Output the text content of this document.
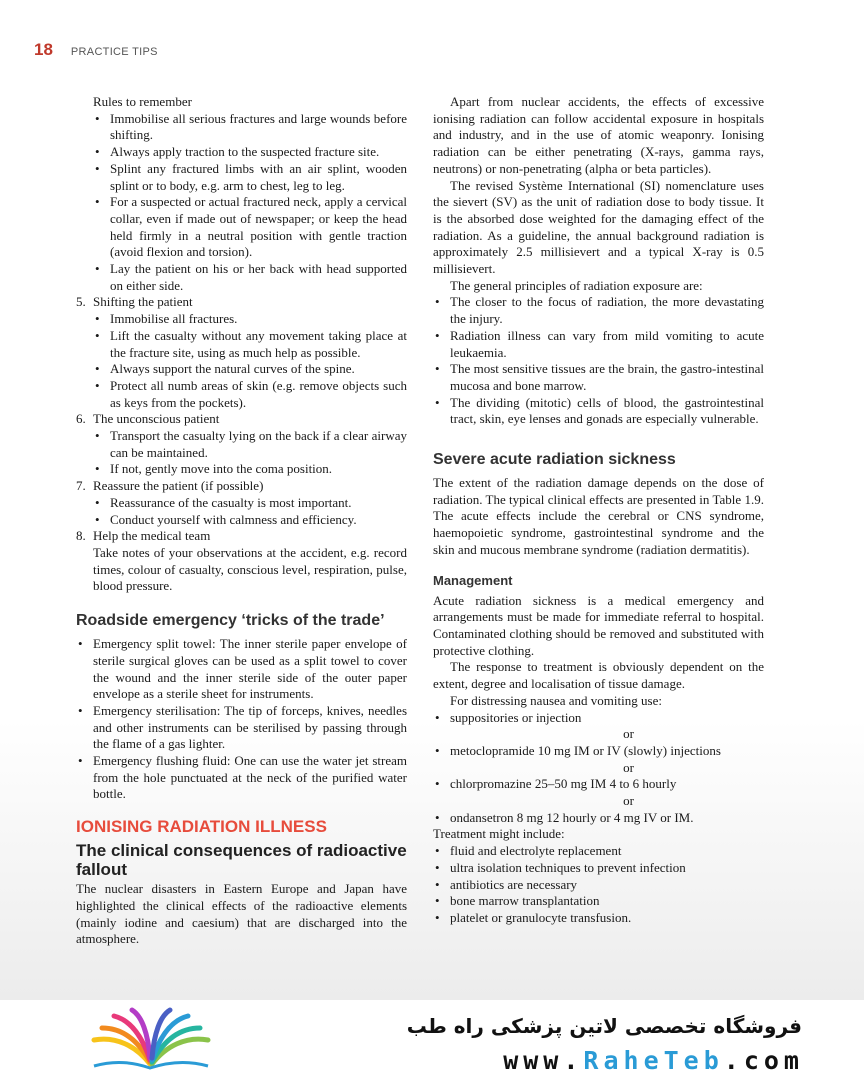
18 PRACTICE TIPS

Rules to remember

• Immobilise all serious fractures and large wounds before shifting.
• Always apply traction to the suspected fracture site.
• Splint any fractured limbs with an air splint, wooden splint or to body, e.g. arm to chest, leg to leg.
• For a suspected or actual fractured neck, apply a cervical collar, even if made out of newspaper; or keep the head held firmly in a neutral position with gentle traction (avoid flexion and torsion).
• Lay the patient on his or her back with head supported on either side.
5. Shifting the patient
• Immobilise all fractures.
• Lift the casualty without any movement taking place at the fracture site, using as much help as possible.
• Always support the natural curves of the spine.
• Protect all numb areas of skin (e.g. remove objects such as keys from the pockets).
6. The unconscious patient
• Transport the casualty lying on the back if a clear airway can be maintained.
• If not, gently move into the coma position.
7. Reassure the patient (if possible)
• Reassurance of the casualty is most important.
• Conduct yourself with calmness and efficiency.
8. Help the medical team

Take notes of your observations at the accident, e.g. record times, colour of casualty, conscious level, respiration, pulse, blood pressure.

Roadside emergency ‘tricks of the trade’
• Emergency split towel: The inner sterile paper envelope of sterile surgical gloves can be used as a split towel to cover the wound and the inner sterile side of the outer paper envelope as a sterile sheet for instruments.
• Emergency sterilisation: The tip of forceps, knives, needles and other instruments can be sterilised by passing through the flame of a gas lighter.
• Emergency flushing fluid: One can use the water jet stream from the hole punctuated at the neck of the purified water bottle.
IONISING RADIATION ILLNESS
The clinical consequences of radioactive fallout

The nuclear disasters in Eastern Europe and Japan have highlighted the clinical effects of the radioactive elements (mainly iodine and caesium) that are discharged into the atmosphere.

Apart from nuclear accidents, the effects of excessive ionising radiation can follow accidental exposure in hospitals and industry, and in the use of atomic weaponry. Ionising radiation can be either penetrating (X-rays, gamma rays, neutrons) or non-penetrating (alpha or beta particles).

The revised Système International (SI) nomenclature uses the sievert (SV) as the unit of radiation dose to body tissue. It is the absorbed dose weighted for the damaging effect of the radiation. As a guideline, the annual background radiation is approximately 2.5 millisievert and a typical X-ray is 0.5 millisievert.

The general principles of radiation exposure are:

• The closer to the focus of radiation, the more devastating the injury.
• Radiation illness can vary from mild vomiting to acute leukaemia.
• The most sensitive tissues are the brain, the gastro-intestinal mucosa and bone marrow.
• The dividing (mitotic) cells of blood, the gastrointestinal tract, skin, eye lenses and gonads are especially vulnerable.
Severe acute radiation sickness

The extent of the radiation damage depends on the dose of radiation. The typical clinical effects are presented in Table 1.9. The acute effects include the cerebral or CNS syndrome, haemopoietic syndrome, gastrointestinal syndrome and the skin and mucous membrane syndrome (radiation dermatitis).

Management

Acute radiation sickness is a medical emergency and arrangements must be made for immediate referral to hospital. Contaminated clothing should be removed and substituted with protective clothing.

The response to treatment is obviously dependent on the extent, degree and localisation of tissue damage.

For distressing nausea and vomiting use:

• suppositories or injection
or
• metoclopramide 10 mg IM or IV (slowly) injections
or
• chlorpromazine 25–50 mg IM 4 to 6 hourly
or
• ondansetron 8 mg 12 hourly or 4 mg IV or IM.

Treatment might include:

• fluid and electrolyte replacement
• ultra isolation techniques to prevent infection
• antibiotics are necessary
• bone marrow transplantation
• platelet or granulocyte transfusion.
فروشگاه تخصصی لاتین پزشکی راه طب
www.RaheTeb.com
